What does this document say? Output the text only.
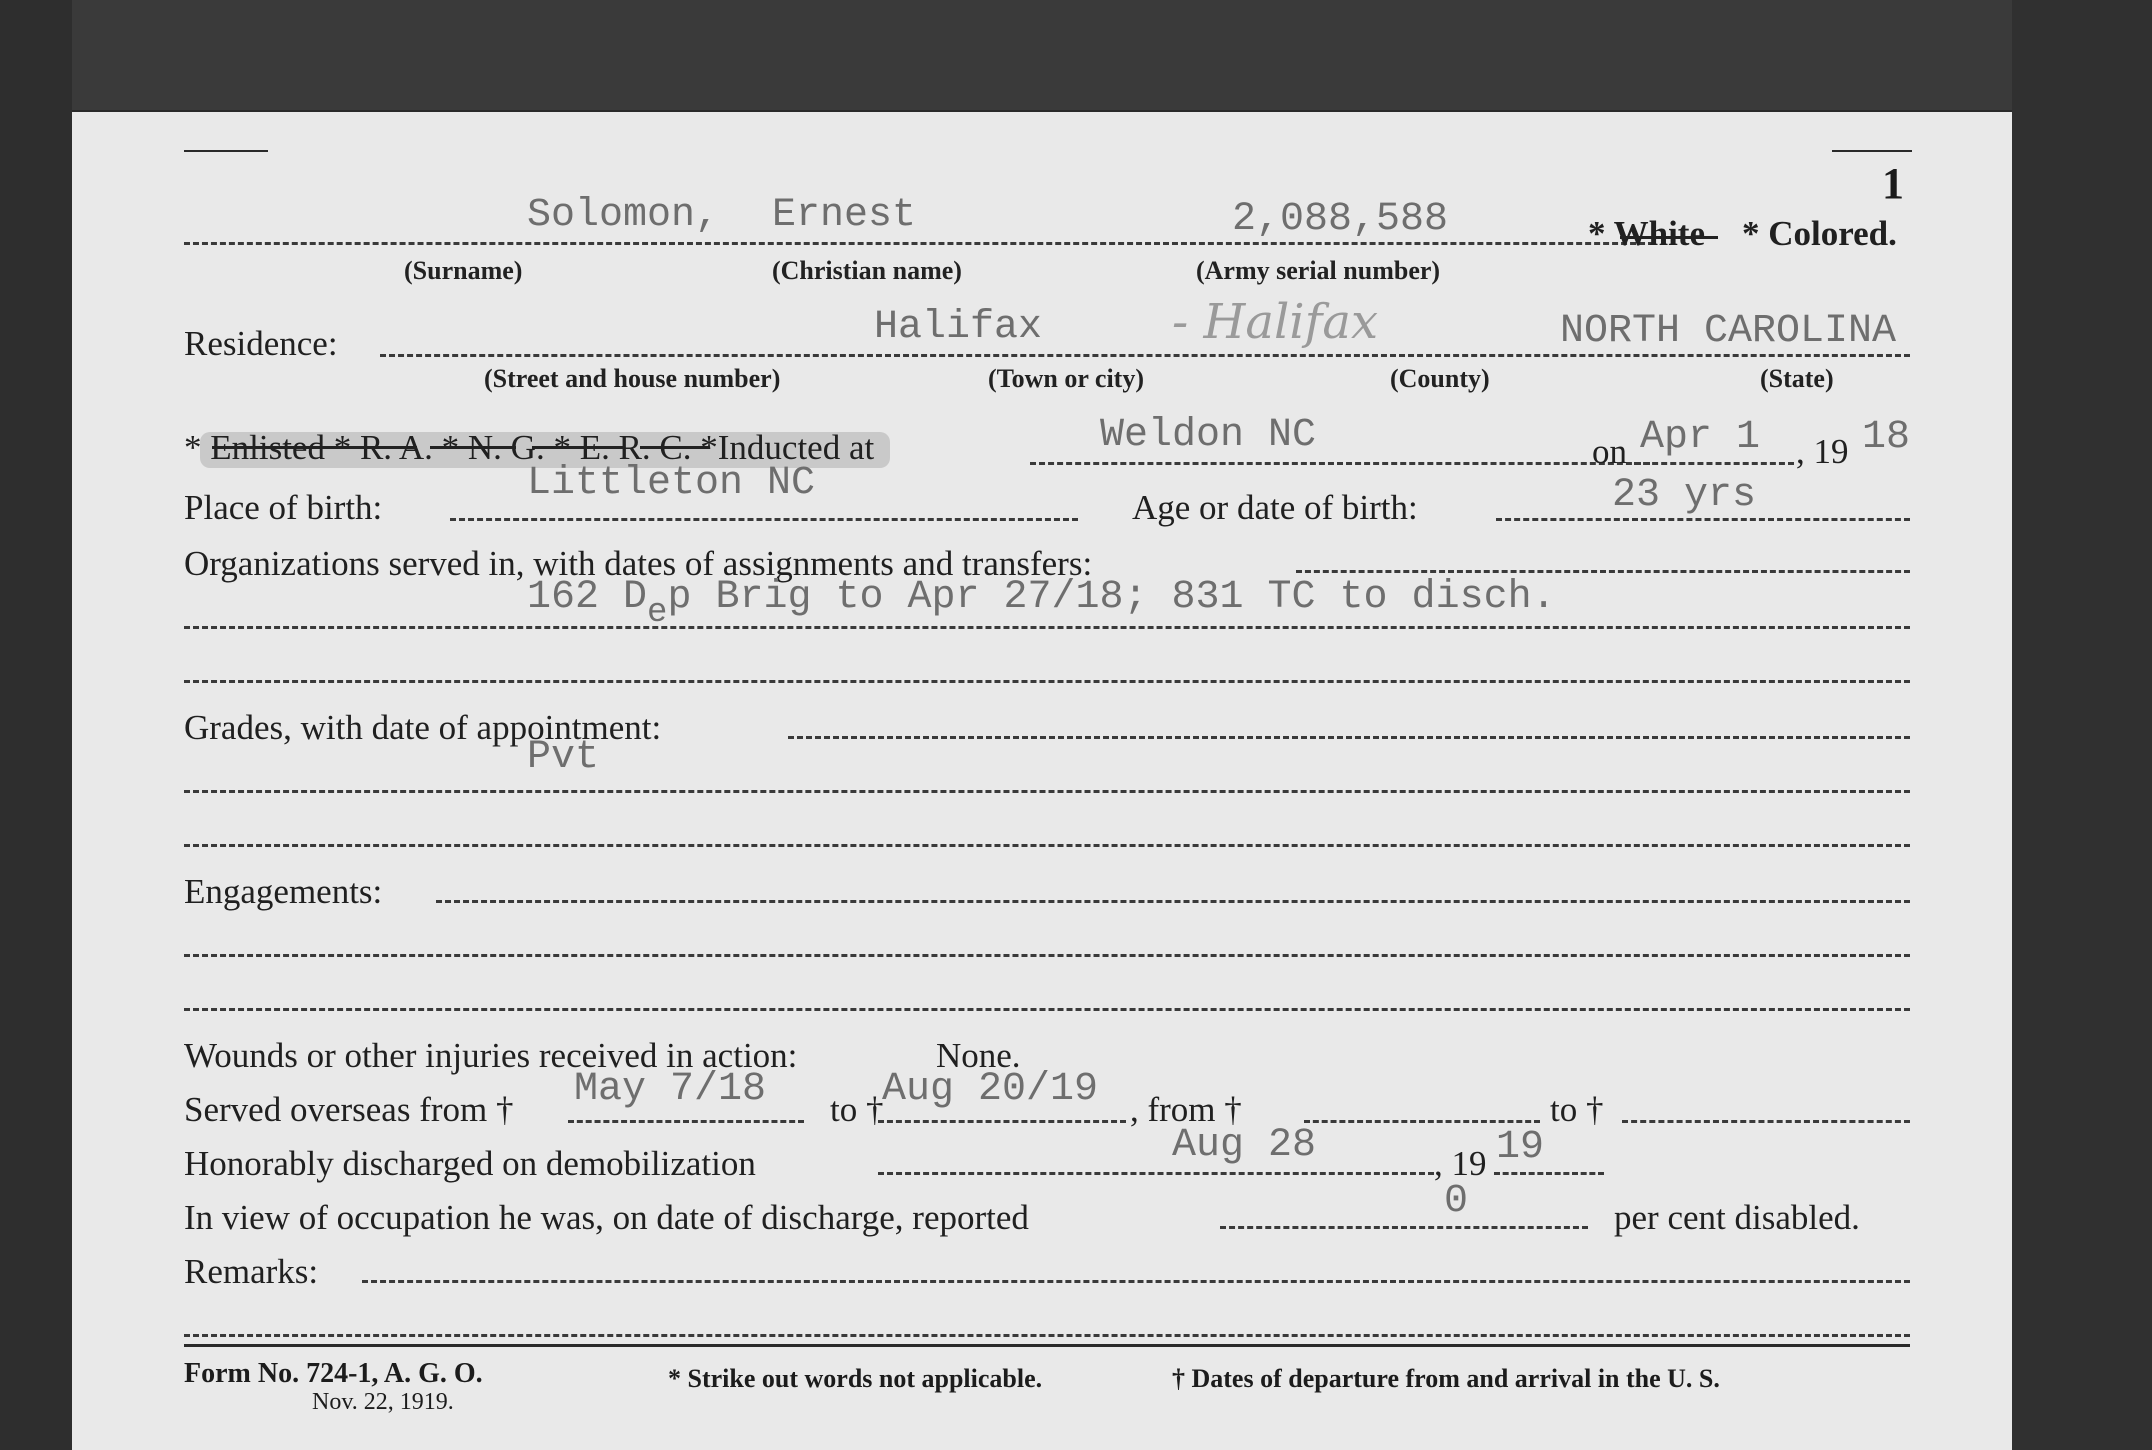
1
Solomon, Ernest	2,088,588	* White * Colored.
(Surname)	(Christian name)	(Army serial number)
Residence:	Halifax	- Halifax	NORTH CAROLINA
(Street and house number)	(Town or city)	(County)	(State)
* Enlisted * R. A. * N. G. * E. R. C. *Inducted at	Weldon NC	on Apr 1 , 19 18
Place of birth:
Littleton NC
Age or date of birth:	23 yrs
Organizations served in, with dates of assignments and transfers:
162 $D_ep$ Brig to Apr 27/18; 831 TC to disch.
Grades, with date of appointment:
Pvt
Engagements:
Wounds or other injuries received in action:	None.
Served overseas from † May 7/18 to †
Aug 20/19 , from †	to †
Honorably discharged on demobilization	Aug 28	, 19 19
In view of occupation he was, on date of discharge, reported	0	per cent disabled.
Remarks:
Form No. 724-1, A. G. O.
Nov. 22, 1919.
* Strike out words not applicable.	† Dates of departure from and arrival in the U. S.
